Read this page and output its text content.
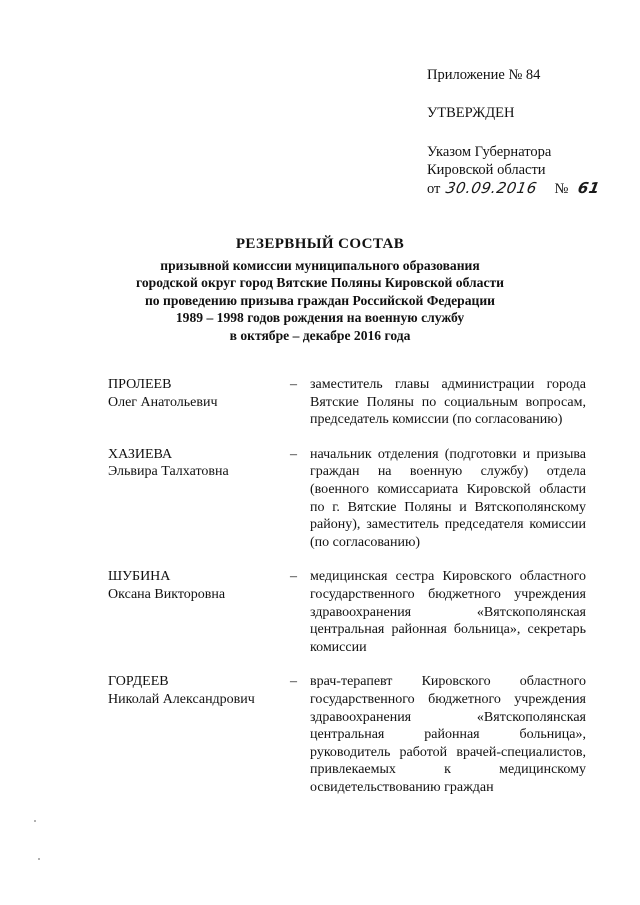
Приложение № 84
УТВЕРЖДЕН
Указом Губернатора
Кировской области
от 30.09.2016 № 61
РЕЗЕРВНЫЙ СОСТАВ
призывной комиссии муниципального образования
городской округ город Вятские Поляны Кировской области
по проведению призыва граждан Российской Федерации
1989 – 1998 годов рождения на военную службу
в октябре – декабре 2016 года
ПРОЛЕЕВ
Олег Анатольевич
– заместитель главы администрации города Вятские Поляны по социальным вопросам, председатель комиссии (по согласованию)
ХАЗИЕВА
Эльвира Талхатовна
– начальник отделения (подготовки и призыва граждан на военную службу) отдела (военного комиссариата Кировской области по г. Вятские Поляны и Вятскополянскому району), заместитель председателя комиссии (по согласованию)
ШУБИНА
Оксана Викторовна
– медицинская сестра Кировского областного государственного бюджетного учреждения здравоохранения «Вятскополянская центральная районная больница», секретарь комиссии
ГОРДЕЕВ
Николай Александрович
– врач-терапевт Кировского областного государственного бюджетного учреждения здравоохранения «Вятскополянская центральная районная больница», руководитель работой врачей-специалистов, привлекаемых к медицинскому освидетельствованию граждан
